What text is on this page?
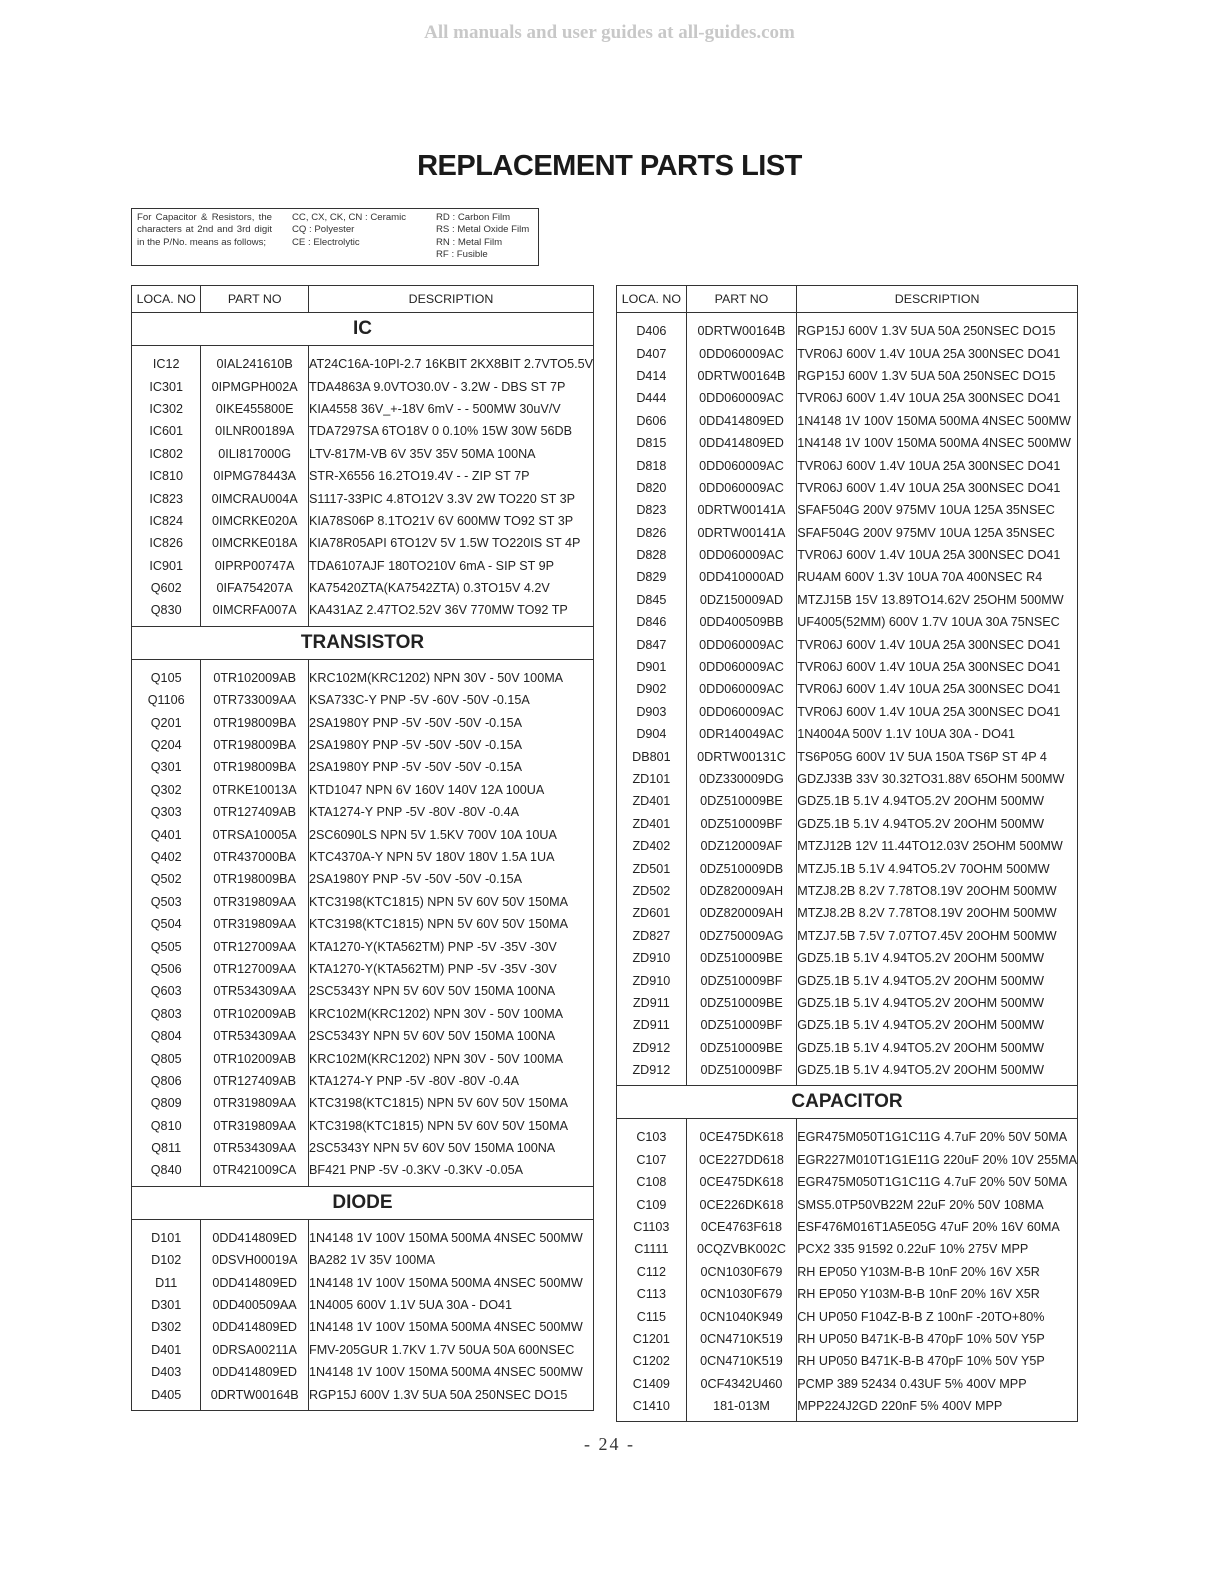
All manuals and user guides at all-guides.com
REPLACEMENT PARTS LIST
For Capacitor & Resistors, the characters at 2nd and 3rd digit in the P/No. means as follows;
CC, CX, CK, CN : Ceramic
CQ : Polyester
CE : Electrolytic
RD : Carbon Film
RS : Metal Oxide Film
RN : Metal Film
RF : Fusible
LOCA. NO	PART NO	DESCRIPTION
IC		
IC12	0IAL241610B	AT24C16A-10PI-2.7 16KBIT 2KX8BIT 2.7VTO5.5V
IC301	0IPMGPH002A	TDA4863A 9.0VTO30.0V - 3.2W - DBS ST 7P
IC302	0IKE455800E	KIA4558 36V_+-18V 6mV - - 500MW 30uV/V
IC601	0ILNR00189A	TDA7297SA 6TO18V 0 0.10% 15W 30W 56DB
IC802	0ILI817000G	LTV-817M-VB 6V 35V 35V 50MA 100NA
IC810	0IPMG78443A	STR-X6556 16.2TO19.4V - - ZIP ST 7P
IC823	0IMCRAU004A	S1117-33PIC 4.8TO12V 3.3V 2W TO220 ST 3P
IC824	0IMCRKE020A	KIA78S06P 8.1TO21V 6V 600MW TO92 ST 3P
IC826	0IMCRKE018A	KIA78R05API 6TO12V 5V 1.5W TO220IS ST 4P
IC901	0IPRP00747A	TDA6107AJF 180TO210V 6mA - SIP ST 9P
Q602	0IFA754207A	KA75420ZTA(KA7542ZTA) 0.3TO15V 4.2V
Q830	0IMCRFA007A	KA431AZ 2.47TO2.52V 36V 770MW TO92 TP
TRANSISTOR		
Q105	0TR102009AB	KRC102M(KRC1202) NPN 30V - 50V 100MA
Q1106	0TR733009AA	KSA733C-Y PNP -5V -60V -50V -0.15A
Q201	0TR198009BA	2SA1980Y PNP -5V -50V -50V -0.15A
Q204	0TR198009BA	2SA1980Y PNP -5V -50V -50V -0.15A
Q301	0TR198009BA	2SA1980Y PNP -5V -50V -50V -0.15A
Q302	0TRKE10013A	KTD1047 NPN 6V 160V 140V 12A 100UA
Q303	0TR127409AB	KTA1274-Y PNP -5V -80V -80V -0.4A
Q401	0TRSA10005A	2SC6090LS NPN 5V 1.5KV 700V 10A 10UA
Q402	0TR437000BA	KTC4370A-Y NPN 5V 180V 180V 1.5A 1UA
Q502	0TR198009BA	2SA1980Y PNP -5V -50V -50V -0.15A
Q503	0TR319809AA	KTC3198(KTC1815) NPN 5V 60V 50V 150MA
Q504	0TR319809AA	KTC3198(KTC1815) NPN 5V 60V 50V 150MA
Q505	0TR127009AA	KTA1270-Y(KTA562TM) PNP -5V -35V -30V
Q506	0TR127009AA	KTA1270-Y(KTA562TM) PNP -5V -35V -30V
Q603	0TR534309AA	2SC5343Y NPN 5V 60V 50V 150MA 100NA
Q803	0TR102009AB	KRC102M(KRC1202) NPN 30V - 50V 100MA
Q804	0TR534309AA	2SC5343Y NPN 5V 60V 50V 150MA 100NA
Q805	0TR102009AB	KRC102M(KRC1202) NPN 30V - 50V 100MA
Q806	0TR127409AB	KTA1274-Y PNP -5V -80V -80V -0.4A
Q809	0TR319809AA	KTC3198(KTC1815) NPN 5V 60V 50V 150MA
Q810	0TR319809AA	KTC3198(KTC1815) NPN 5V 60V 50V 150MA
Q811	0TR534309AA	2SC5343Y NPN 5V 60V 50V 150MA 100NA
Q840	0TR421009CA	BF421 PNP -5V -0.3KV -0.3KV -0.05A
DIODE		
D101	0DD414809ED	1N4148 1V 100V 150MA 500MA 4NSEC 500MW
D102	0DSVH00019A	BA282 1V 35V 100MA
D11	0DD414809ED	1N4148 1V 100V 150MA 500MA 4NSEC 500MW
D301	0DD400509AA	1N4005 600V 1.1V 5UA 30A - DO41
D302	0DD414809ED	1N4148 1V 100V 150MA 500MA 4NSEC 500MW
D401	0DRSA00211A	FMV-205GUR 1.7KV 1.7V 50UA 50A 600NSEC
D403	0DD414809ED	1N4148 1V 100V 150MA 500MA 4NSEC 500MW
D405	0DRTW00164B	RGP15J 600V 1.3V 5UA 50A 250NSEC DO15
LOCA. NO	PART NO	DESCRIPTION
D406	0DRTW00164B	RGP15J 600V 1.3V 5UA 50A 250NSEC DO15
D407	0DD060009AC	TVR06J 600V 1.4V 10UA 25A 300NSEC DO41
D414	0DRTW00164B	RGP15J 600V 1.3V 5UA 50A 250NSEC DO15
D444	0DD060009AC	TVR06J 600V 1.4V 10UA 25A 300NSEC DO41
D606	0DD414809ED	1N4148 1V 100V 150MA 500MA 4NSEC 500MW
D815	0DD414809ED	1N4148 1V 100V 150MA 500MA 4NSEC 500MW
D818	0DD060009AC	TVR06J 600V 1.4V 10UA 25A 300NSEC DO41
D820	0DD060009AC	TVR06J 600V 1.4V 10UA 25A 300NSEC DO41
D823	0DRTW00141A	SFAF504G 200V 975MV 10UA 125A 35NSEC
D826	0DRTW00141A	SFAF504G 200V 975MV 10UA 125A 35NSEC
D828	0DD060009AC	TVR06J 600V 1.4V 10UA 25A 300NSEC DO41
D829	0DD410000AD	RU4AM 600V 1.3V 10UA 70A 400NSEC R4
D845	0DZ150009AD	MTZJ15B 15V 13.89TO14.62V 25OHM 500MW
D846	0DD400509BB	UF4005(52MM) 600V 1.7V 10UA 30A 75NSEC
D847	0DD060009AC	TVR06J 600V 1.4V 10UA 25A 300NSEC DO41
D901	0DD060009AC	TVR06J 600V 1.4V 10UA 25A 300NSEC DO41
D902	0DD060009AC	TVR06J 600V 1.4V 10UA 25A 300NSEC DO41
D903	0DD060009AC	TVR06J 600V 1.4V 10UA 25A 300NSEC DO41
D904	0DR140049AC	1N4004A 500V 1.1V 10UA 30A - DO41
DB801	0DRTW00131C	TS6P05G 600V 1V 5UA 150A TS6P ST 4P 4
ZD101	0DZ330009DG	GDZJ33B 33V 30.32TO31.88V 65OHM 500MW
ZD401	0DZ510009BE	GDZ5.1B 5.1V 4.94TO5.2V 20OHM 500MW
ZD401	0DZ510009BF	GDZ5.1B 5.1V 4.94TO5.2V 20OHM 500MW
ZD402	0DZ120009AF	MTZJ12B 12V 11.44TO12.03V 25OHM 500MW
ZD501	0DZ510009DB	MTZJ5.1B 5.1V 4.94TO5.2V 70OHM 500MW
ZD502	0DZ820009AH	MTZJ8.2B 8.2V 7.78TO8.19V 20OHM 500MW
ZD601	0DZ820009AH	MTZJ8.2B 8.2V 7.78TO8.19V 20OHM 500MW
ZD827	0DZ750009AG	MTZJ7.5B 7.5V 7.07TO7.45V 20OHM 500MW
ZD910	0DZ510009BE	GDZ5.1B 5.1V 4.94TO5.2V 20OHM 500MW
ZD910	0DZ510009BF	GDZ5.1B 5.1V 4.94TO5.2V 20OHM 500MW
ZD911	0DZ510009BE	GDZ5.1B 5.1V 4.94TO5.2V 20OHM 500MW
ZD911	0DZ510009BF	GDZ5.1B 5.1V 4.94TO5.2V 20OHM 500MW
ZD912	0DZ510009BE	GDZ5.1B 5.1V 4.94TO5.2V 20OHM 500MW
ZD912	0DZ510009BF	GDZ5.1B 5.1V 4.94TO5.2V 20OHM 500MW
CAPACITOR		
C103	0CE475DK618	EGR475M050T1G1C11G 4.7uF 20% 50V 50MA
C107	0CE227DD618	EGR227M010T1G1E11G 220uF 20% 10V 255MA
C108	0CE475DK618	EGR475M050T1G1C11G 4.7uF 20% 50V 50MA
C109	0CE226DK618	SMS5.0TP50VB22M 22uF 20% 50V 108MA
C1103	0CE4763F618	ESF476M016T1A5E05G 47uF 20% 16V 60MA
C1111	0CQZVBK002C	PCX2 335 91592 0.22uF 10% 275V MPP
C112	0CN1030F679	RH EP050 Y103M-B-B 10nF 20% 16V X5R
C113	0CN1030F679	RH EP050 Y103M-B-B 10nF 20% 16V X5R
C115	0CN1040K949	CH UP050 F104Z-B-B Z 100nF -20TO+80%
C1201	0CN4710K519	RH UP050 B471K-B-B 470pF 10% 50V Y5P
C1202	0CN4710K519	RH UP050 B471K-B-B 470pF 10% 50V Y5P
C1409	0CF4342U460	PCMP 389 52434 0.43UF 5% 400V MPP
C1410	181-013M	MPP224J2GD 220nF 5% 400V MPP
- 24 -
